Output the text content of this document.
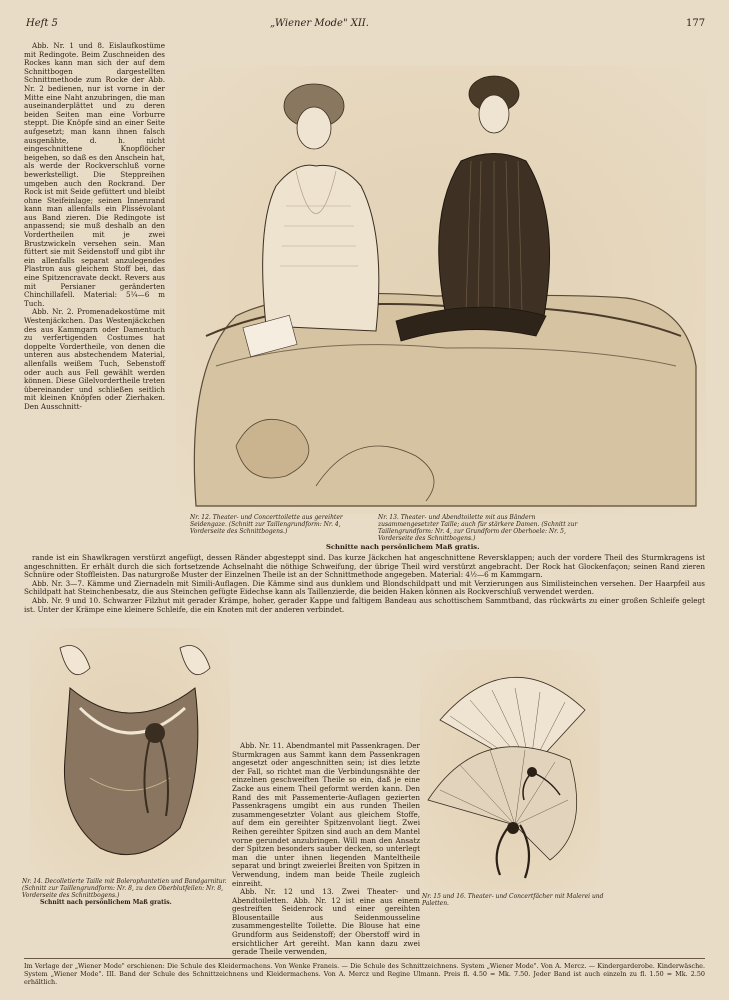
Heft 5	„Wiener Mode" XII.	177

Abb. Nr. 1 und 8. Eislaufkostüme mit Redingote. Beim Zuschneiden des Rockes kann man sich der auf dem Schnittbogen dargestellten Schnittmethode zum Rocke der Abb. Nr. 2 bedienen, nur ist vorne in der Mitte eine Naht anzubringen, die man auseinanderplättet und zu deren beiden Seiten man eine Vorburre steppt. Die Knöpfe sind an einer Seite aufgesetzt; man kann ihnen falsch ausgenähte, d. h. nicht eingeschnittene Knopflöcher beigeben, so daß es den Anschein hat, als werde der Rockverschluß vorne bewerkstelligt. Die Steppreihen umgeben auch den Rockrand. Der Rock ist mit Seide gefüttert und bleibt ohne Steifeinlage; seinen Innenrand kann man allenfalls ein Plissévolant aus Band zieren. Die Redingote ist anpassend; sie muß deshalb an den Vordertheilen mit je zwei Brustzwickeln versehen sein. Man füttert sie mit Seidenstoff und gibt ihr ein allenfalls separat anzulegendes Plastron aus gleichem Stoff bei, das eine Spitzencravate deckt. Revers aus mit Persianer geränderten Chinchillafell. Material: 5¼—6 m Tuch.

Abb. Nr. 2. Promenadekostüme mit Westenjäckchen. Das Westenjäckchen des aus Kammgarn oder Damentuch zu verfertigenden Costumes hat doppelte Vordertheile, von denen die unteren aus abstechendem Material, allenfalls weißem Tuch, Sebenstoff oder auch aus Fell gewählt werden können. Diese Gilelvordertheile treten übereinander und schließen seitlich mit kleinen Knöpfen oder Zierhaken. Den Ausschnitt-

Nr. 12. Theater- und Concerttoilette aus gereihter Seidengaze. (Schnitt zur Taillengrundform: Nr. 4, Vorderseite des Schnittbogens.)
Nr. 13. Theater- und Abendtoilette mit aus Bändern zusammengesetzter Taille; auch für stärkere Damen. (Schnitt zur Taillengrundform: Nr. 4, zur Grundform der Oberhoele: Nr. 5, Vorderseite des Schnittbogens.)
Schnitte nach persönlichem Maß gratis.

rande ist ein Shawlkragen verstürzt angefügt, dessen Ränder abgesteppt sind. Das kurze Jäckchen hat angeschnittene Reversklappen; auch der vordere Theil des Sturmkragens ist angeschnitten. Er erhält durch die sich fortsetzende Achselnaht die nöthige Schweifung, der übrige Theil wird verstürzt angebracht. Der Rock hat Glockenfaçon; seinen Rand zieren Schnüre oder Stoffleisten. Das naturgroße Muster der Einzelnen Theile ist an der Schnittmethode angegeben. Material: 4½—6 m Kammgarn.

Abb. Nr. 3—7. Kämme und Ziernadeln mit Simili-Auflagen. Die Kämme sind aus dunklem und Blondschildpatt und mit Verzierungen aus Similisteinchen versehen. Der Haarpfeil aus Schildpatt hat Steinchenbesatz, die aus Steinchen gefügte Eidechse kann als Taillenzierde, die beiden Haken können als Rockverschluß verwendet werden.

Abb. Nr. 9 und 10. Schwarzer Filzhut mit gerader Krämpe, hoher, gerader Kappe und faltigem Bandeau aus schottischem Sammtband, das rückwärts zu einer großen Schleife gelegt ist. Unter der Krämpe eine kleinere Schleife, die ein Knoten mit der anderen verbindet.

Nr. 14. Decolletierte Taille mit Bolerophantetien und Bandgarnitur. (Schnitt zur Taillengrundform: Nr. 8, zu den Oberblutfeilen: Nr. 8, Vorderseite des Schnittbogens.)
Schnitt nach persönlichem Maß gratis.

Abb. Nr. 11. Abendmantel mit Passenkragen. Der Sturmkragen aus Sammt kann dem Passenkragen angesetzt oder angeschnitten sein; ist dies letzte der Fall, so richtet man die Verbindungsnähte der einzelnen geschweiften Theile so ein, daß je eine Zacke aus einem Theil geformt werden kann. Den Rand des mit Passementerie-Auflagen gezierten Passenkragens umgibt ein aus runden Theilen zusammengesetzter Volant aus gleichem Stoffe, auf dem ein gereihter Spitzenvolant liegt. Zwei Reihen gereihter Spitzen sind auch an dem Mantel vorne gerundet anzubringen. Will man den Ansatz der Spitzen besonders sauber decken, so unterlegt man die unter ihnen liegenden Manteltheile separat und bringt zweierlei Breiten von Spitzen in Verwendung, indem man beide Theile zugleich einreiht.

Abb. Nr. 12 und 13. Zwei Theater- und Abendtoiletten. Abb. Nr. 12 ist eine aus einem gestreiften Seidenrock und einer gereihten Blousentaille aus Seidenmousseline zusammengestellte Toilette. Die Blouse hat eine Grundform aus Seidenstoff; der Oberstoff wird in ersichtlicher Art gereiht. Man kann dazu zwei gerade Theile verwenden,

Nr. 15 und 16. Theater- und Concertfächer mit Malerei und Paletten.
Im Verlage der „Wiener Mode" erschienen: Die Schule des Kleidermachens. Von Wenke Franeis. — Die Schule des Schnittzeichnens. System „Wiener Mode". Von A. Mercz. — Kindergarderobe. Kinderwäsche. System „Wiener Mode". III. Band der Schule des Schnittzeichnens und Kleidermachens. Von A. Mercz und Regine Ulmann. Preis fl. 4.50 = Mk. 7.50. Jeder Band ist auch einzeln zu fl. 1.50 = Mk. 2.50 erhältlich.
